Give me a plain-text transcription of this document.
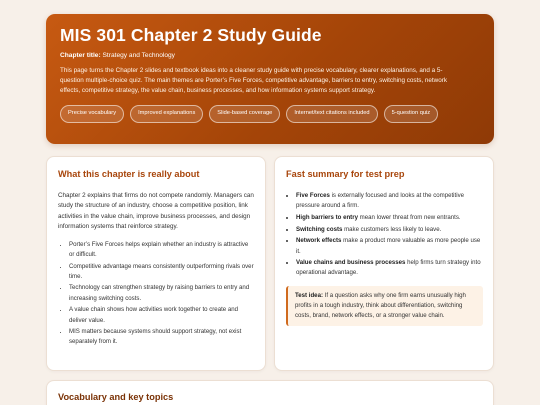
MIS 301 Chapter 2 Study Guide
Chapter title: Strategy and Technology

This page turns the Chapter 2 slides and textbook ideas into a cleaner study guide with precise vocabulary, clearer explanations, and a 5-question multiple-choice quiz. The main themes are Porter’s Five Forces, competitive advantage, barriers to entry, switching costs, network effects, competitive strategy, the value chain, business processes, and how information systems support strategy.

Precise vocabulary	Improved explanations	Slide-based coverage	Internet/text citations included	5-question quiz
What this chapter is really about

Chapter 2 explains that firms do not compete randomly. Managers can study the structure of an industry, choose a competitive position, link activities in the value chain, improve business processes, and design information systems that reinforce strategy.

• Porter’s Five Forces helps explain whether an industry is attractive or difficult.
• Competitive advantage means consistently outperforming rivals over time.
• Technology can strengthen strategy by raising barriers to entry and increasing switching costs.
• A value chain shows how activities work together to create and deliver value.
• MIS matters because systems should support strategy, not exist separately from it.
Fast summary for test prep
• Five Forces is externally focused and looks at the competitive pressure around a firm.
• High barriers to entry mean lower threat from new entrants.
• Switching costs make customers less likely to leave.
• Network effects make a product more valuable as more people use it.
• Value chains and business processes help firms turn strategy into operational advantage.
Test idea: If a question asks why one firm earns unusually high profits in a tough industry, think about differentiation, switching costs, brand, network effects, or a stronger value chain.
Vocabulary and key topics
